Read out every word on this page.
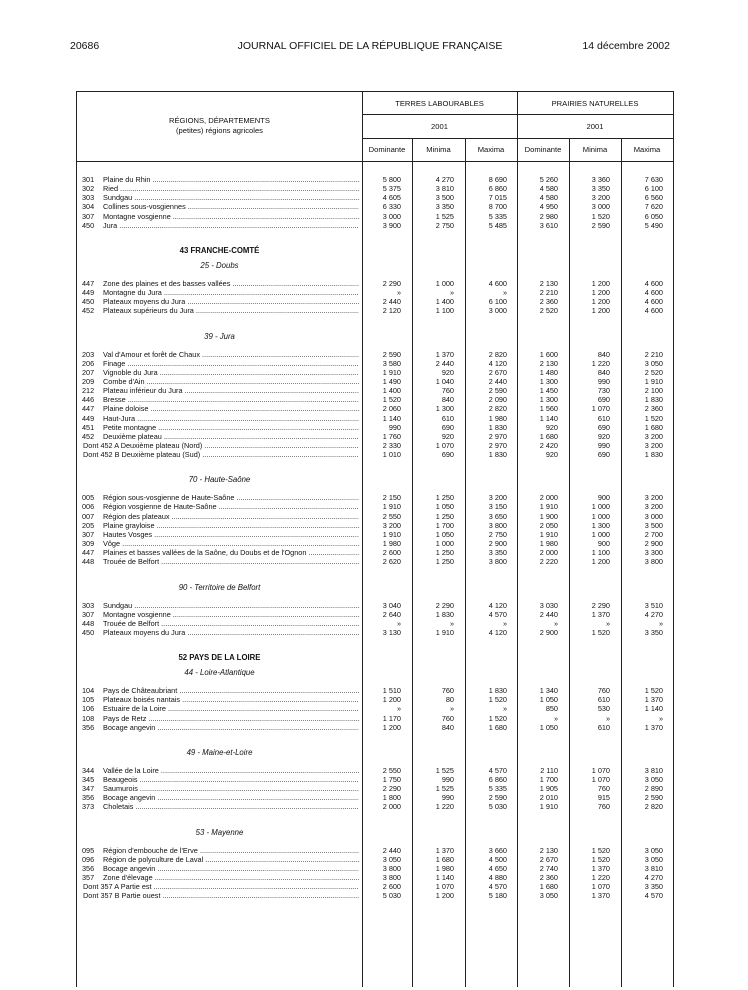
20686	JOURNAL OFFICIEL DE LA RÉPUBLIQUE FRANÇAISE	14 décembre 2002
RÉGIONS, DÉPARTEMENTS
(petites) régions agricoles
TERRES LABOURABLES	PRAIRIES NATURELLES
2001	2001
Dominante	Minima	Maxima	Dominante	Minima	Maxima
301	Plaine du Rhin .....	5 800	4 270	8 690	5 260	3 360	7 630
302	Ried .....	5 375	3 810	6 860	4 580	3 350	6 100
303	Sundgau .....	4 605	3 500	7 015	4 580	3 200	6 560
304	Collines sous-vosgiennes .....	6 330	3 350	8 700	4 950	3 000	7 620
307	Montagne vosgienne .....	3 000	1 525	5 335	2 980	1 520	6 050
450	Jura .....	3 900	2 750	5 485	3 610	2 590	5 490
43 FRANCHE-COMTÉ
25 - Doubs
447	Zone des plaines et des basses vallées .....	2 290	1 000	4 600	2 130	1 200	4 600
449	Montagne du Jura .....	»	»	»	2 210	1 200	4 600
450	Plateaux moyens du Jura .....	2 440	1 400	6 100	2 360	1 200	4 600
452	Plateaux supérieurs du Jura .....	2 120	1 100	3 000	2 520	1 200	4 600
39 - Jura
203	Val d'Amour et forêt de Chaux .....	2 590	1 370	2 820	1 600	840	2 210
206	Finage .....	3 580	2 440	4 120	2 130	1 220	3 050
207	Vignoble du Jura .....	1 910	920	2 670	1 480	840	2 520
209	Combe d'Ain .....	1 490	1 040	2 440	1 300	990	1 910
212	Plateau inférieur du Jura .....	1 400	760	2 590	1 450	730	2 100
446	Bresse .....	1 520	840	2 090	1 300	690	1 830
447	Plaine doloise .....	2 060	1 300	2 820	1 560	1 070	2 360
449	Haut-Jura .....	1 140	610	1 980	1 140	610	1 520
451	Petite montagne .....	990	690	1 830	920	690	1 680
452	Deuxième plateau .....	1 760	920	2 970	1 680	920	3 200
Dont 452 A Deuxième plateau (Nord) .....	2 330	1 070	2 970	2 420	990	3 200
Dont 452 B Deuxième plateau (Sud) .....	1 010	690	1 830	920	690	1 830
70 - Haute-Saône
005	Région sous-vosgienne de Haute-Saône .....	2 150	1 250	3 200	2 000	900	3 200
006	Région vosgienne de Haute-Saône .....	1 910	1 050	3 150	1 910	1 000	3 200
007	Région des plateaux .....	2 550	1 250	3 650	1 900	1 000	3 000
205	Plaine grayloise .....	3 200	1 700	3 800	2 050	1 300	3 500
307	Hautes Vosges .....	1 910	1 050	2 750	1 910	1 000	2 700
309	Vôge .....	1 980	1 000	2 900	1 980	900	2 900
447	Plaines et basses vallées de la Saône, du Doubs et de l'Ognon .....	2 600	1 250	3 350	2 000	1 100	3 300
448	Trouée de Belfort .....	2 620	1 250	3 800	2 220	1 200	3 800
90 - Territoire de Belfort
303	Sundgau .....	3 040	2 290	4 120	3 030	2 290	3 510
307	Montagne vosgienne .....	2 640	1 830	4 570	2 440	1 370	4 270
448	Trouée de Belfort .....	»	»	»	»	»	»
450	Plateaux moyens du Jura .....	3 130	1 910	4 120	2 900	1 520	3 350
52 PAYS DE LA LOIRE
44 - Loire-Atlantique
104	Pays de Châteaubriant .....	1 510	760	1 830	1 340	760	1 520
105	Plateaux boisés nantais .....	1 200	80	1 520	1 050	610	1 370
106	Estuaire de la Loire .....	»	»	»	850	530	1 140
108	Pays de Retz .....	1 170	760	1 520	»	»	»
356	Bocage angevin .....	1 200	840	1 680	1 050	610	1 370
49 - Maine-et-Loire
344	Vallée de la Loire .....	2 550	1 525	4 570	2 110	1 070	3 810
345	Beaugeois .....	1 750	990	6 860	1 700	1 070	3 050
347	Saumurois .....	2 290	1 525	5 335	1 905	760	2 890
356	Bocage angevin .....	1 800	990	2 590	2 010	915	2 590
373	Choletais .....	2 000	1 220	5 030	1 910	760	2 820
53 - Mayenne
095	Région d'embouche de l'Erve .....	2 440	1 370	3 660	2 130	1 520	3 050
096	Région de polyculture de Laval .....	3 050	1 680	4 500	2 670	1 520	3 050
356	Bocage angevin .....	3 800	1 980	4 650	2 740	1 370	3 810
357	Zone d'élevage .....	3 800	1 140	4 880	2 360	1 220	4 270
Dont 357 A Partie est .....	2 600	1 070	4 570	1 680	1 070	3 350
Dont 357 B Partie ouest .....	5 030	1 200	5 180	3 050	1 370	4 570
